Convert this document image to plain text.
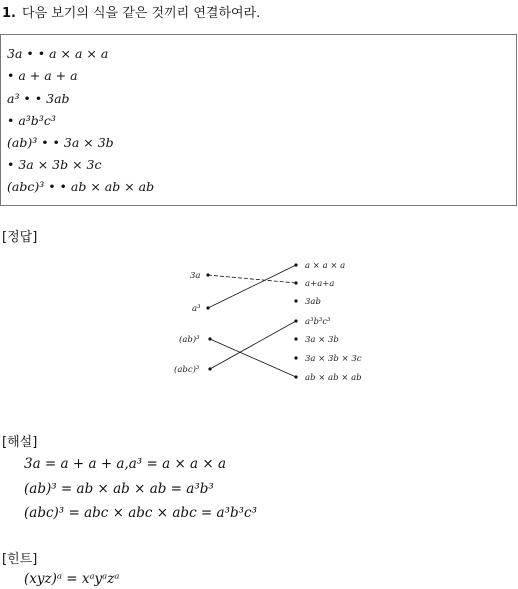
1. 다음 보기의 식을 같은 것끼리 연결하여라.
3a • • a × a × a
• a + a + a
a³ • • 3ab
• a³b³c³
(ab)³ • • 3a × 3b
• 3a × 3b × 3c
(abc)³ • • ab × ab × ab
[정답]
3a
a³
(ab)³
(abc)³
a × a × a
a+a+a
3ab
a³b³c³
3a × 3b
3a × 3b × 3c
ab × ab × ab
[해설]
3a = a + a + a,a³ = a × a × a
(ab)³ = ab × ab × ab = a³b³
(abc)³ = abc × abc × abc = a³b³c³
[힌트]
(xyz)ᵃ = xᵃyᵃzᵃ
